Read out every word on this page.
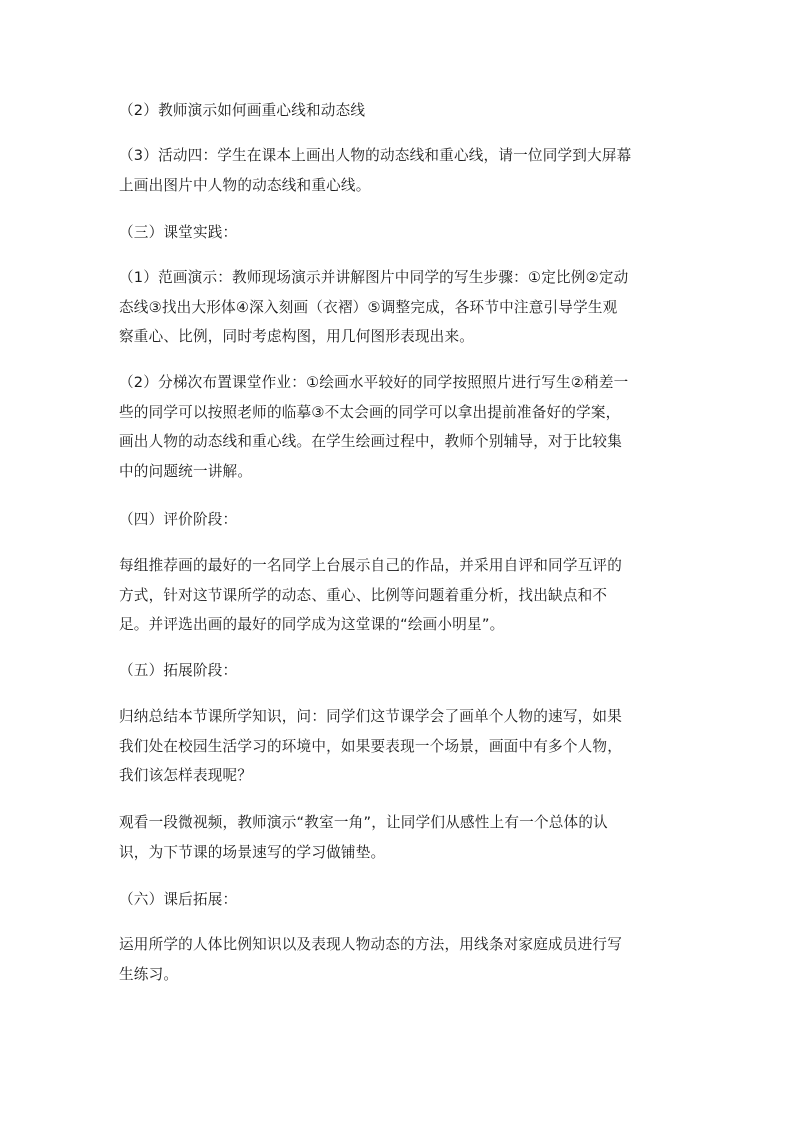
（2）教师演示如何画重心线和动态线

（3）活动四：学生在课本上画出人物的动态线和重心线，请一位同学到大屏幕
上画出图片中人物的动态线和重心线。

（三）课堂实践：

（1）范画演示：教师现场演示并讲解图片中同学的写生步骤：①定比例②定动
态线③找出大形体④深入刻画（衣褶）⑤调整完成，各环节中注意引导学生观
察重心、比例，同时考虑构图，用几何图形表现出来。

（2）分梯次布置课堂作业：①绘画水平较好的同学按照照片进行写生②稍差一
些的同学可以按照老师的临摹③不太会画的同学可以拿出提前准备好的学案，
画出人物的动态线和重心线。在学生绘画过程中，教师个别辅导，对于比较集
中的问题统一讲解。

（四）评价阶段：

每组推荐画的最好的一名同学上台展示自己的作品，并采用自评和同学互评的
方式，针对这节课所学的动态、重心、比例等问题着重分析，找出缺点和不
足。并评选出画的最好的同学成为这堂课的“绘画小明星”。

（五）拓展阶段：

归纳总结本节课所学知识，问：同学们这节课学会了画单个人物的速写，如果
我们处在校园生活学习的环境中，如果要表现一个场景，画面中有多个人物，
我们该怎样表现呢？

观看一段微视频，教师演示“教室一角”，让同学们从感性上有一个总体的认
识，为下节课的场景速写的学习做铺垫。

（六）课后拓展：

运用所学的人体比例知识以及表现人物动态的方法，用线条对家庭成员进行写
生练习。
